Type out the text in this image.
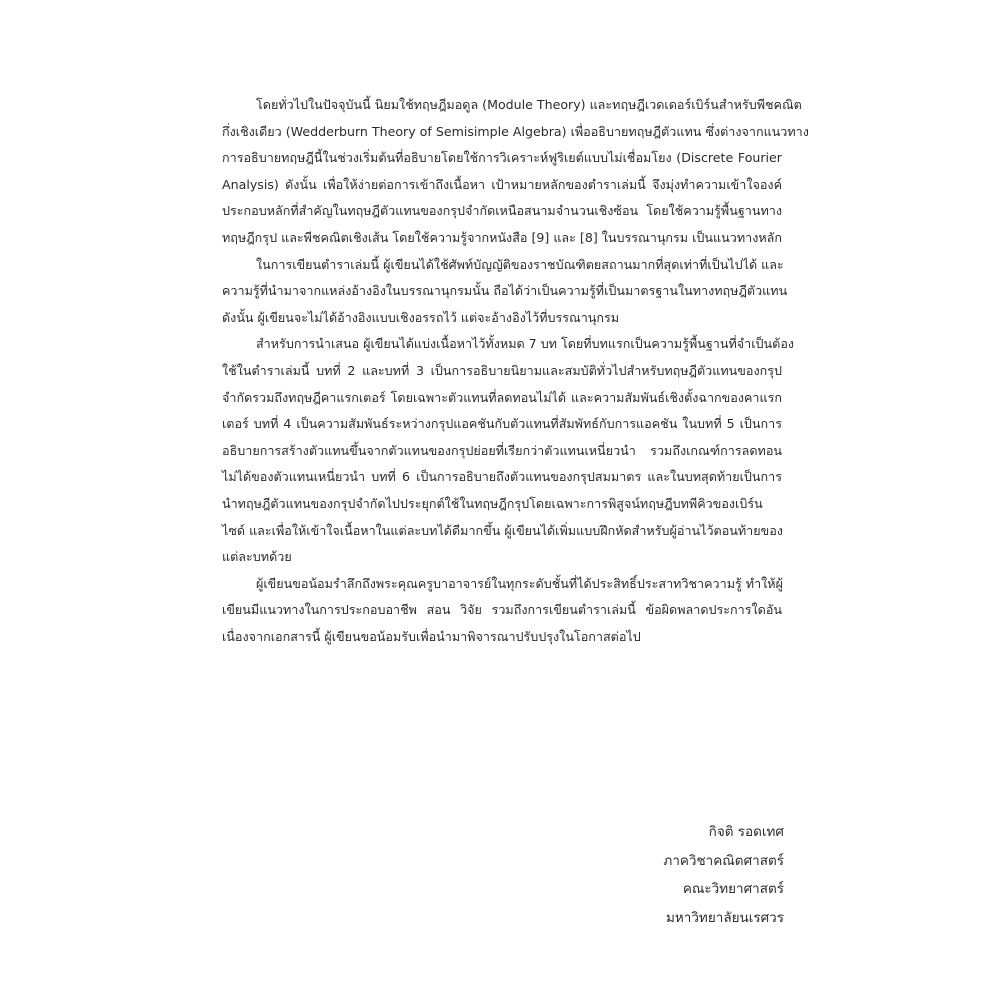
โดยทั่วไปในปัจจุบันนี้ นิยมใช้ทฤษฎีมอดูล (Module Theory) และทฤษฎีเวดเดอร์เบิร์นสำหรับพีชคณิต
กึ่งเชิงเดียว (Wedderburn Theory of Semisimple Algebra) เพื่ออธิบายทฤษฎีตัวแทน ซึ่งต่างจากแนวทาง
การอธิบายทฤษฎีนี้ในช่วงเริ่มต้นที่อธิบายโดยใช้การวิเคราะห์ฟูริเยต์แบบไม่เชื่อมโยง (Discrete Fourier
Analysis) ดังนั้น เพื่อให้ง่ายต่อการเข้าถึงเนื้อหา เป้าหมายหลักของตำราเล่มนี้ จึงมุ่งทำความเข้าใจองค์
ประกอบหลักที่สำคัญในทฤษฎีตัวแทนของกรุปจำกัดเหนือสนามจำนวนเชิงซ้อน โดยใช้ความรู้พื้นฐานทาง
ทฤษฎีกรุป และพีชคณิตเชิงเส้น โดยใช้ความรู้จากหนังสือ [9] และ [8] ในบรรณานุกรม เป็นแนวทางหลัก
ในการเขียนตำราเล่มนี้ ผู้เขียนได้ใช้ศัพท์บัญญัติของราชบัณฑิตยสถานมากที่สุดเท่าที่เป็นไปได้ และ
ความรู้ที่นำมาจากแหล่งอ้างอิงในบรรณานุกรมนั้น ถือได้ว่าเป็นความรู้ที่เป็นมาตรฐานในทางทฤษฎีตัวแทน
ดังนั้น ผู้เขียนจะไม่ได้อ้างอิงแบบเชิงอรรถไว้ แต่จะอ้างอิงไว้ที่บรรณานุกรม
สำหรับการนำเสนอ ผู้เขียนได้แบ่งเนื้อหาไว้ทั้งหมด 7 บท โดยที่บทแรกเป็นความรู้พื้นฐานที่จำเป็นต้อง
ใช้ในตำราเล่มนี้ บทที่ 2 และบทที่ 3 เป็นการอธิบายนิยามและสมบัติทั่วไปสำหรับทฤษฎีตัวแทนของกรุป
จำกัดรวมถึงทฤษฎีคาแรกเตอร์ โดยเฉพาะตัวแทนที่ลดทอนไม่ได้ และความสัมพันธ์เชิงตั้งฉากของคาแรก
เตอร์ บทที่ 4 เป็นความสัมพันธ์ระหว่างกรุปแอคชันกับตัวแทนที่สัมพัทธ์กับการแอคชัน ในบทที่ 5 เป็นการ
อธิบายการสร้างตัวแทนขึ้นจากตัวแทนของกรุปย่อยที่เรียกว่าตัวแทนเหนี่ยวนำ รวมถึงเกณฑ์การลดทอน
ไม่ได้ของตัวแทนเหนี่ยวนำ บทที่ 6 เป็นการอธิบายถึงตัวแทนของกรุปสมมาตร และในบทสุดท้ายเป็นการ
นำทฤษฎีตัวแทนของกรุปจำกัดไปประยุกต์ใช้ในทฤษฎีกรุปโดยเฉพาะการพิสูจน์ทฤษฎีบทพีคิวของเบิร์น
ไซด์ และเพื่อให้เข้าใจเนื้อหาในแต่ละบทได้ดีมากขึ้น ผู้เขียนได้เพิ่มแบบฝึกหัดสำหรับผู้อ่านไว้ตอนท้ายของ
แต่ละบทด้วย
ผู้เขียนขอน้อมรำลึกถึงพระคุณครูบาอาจารย์ในทุกระดับชั้นที่ได้ประสิทธิ์ประสาทวิชาความรู้ ทำให้ผู้
เขียนมีแนวทางในการประกอบอาชีพ สอน วิจัย รวมถึงการเขียนตำราเล่มนี้ ข้อผิดพลาดประการใดอัน
เนื่องจากเอกสารนี้ ผู้เขียนขอน้อมรับเพื่อนำมาพิจารณาปรับปรุงในโอกาสต่อไป
กิจติ รอดเทศ
ภาควิชาคณิตศาสตร์
คณะวิทยาศาสตร์
มหาวิทยาลัยนเรศวร
